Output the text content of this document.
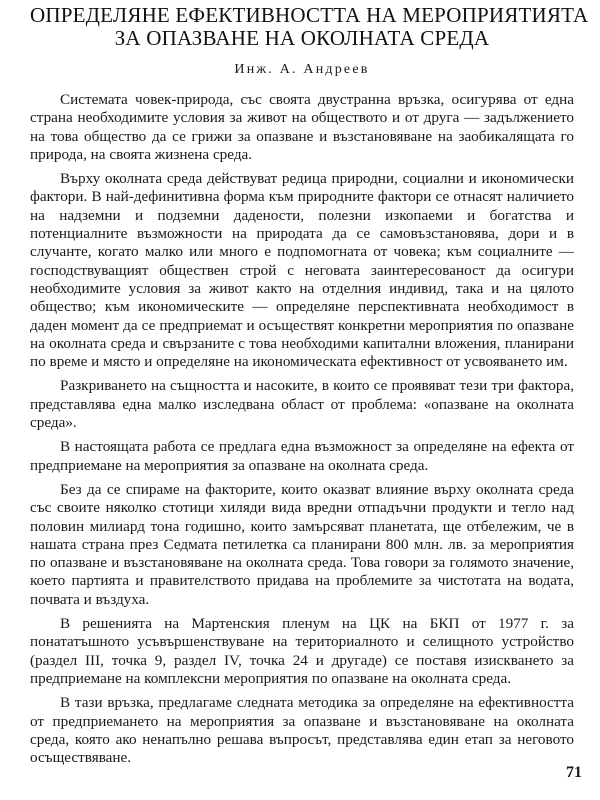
ОПРЕДЕЛЯНЕ ЕФЕКТИВНОСТТА НА МЕРОПРИЯТИЯТА
ЗА ОПАЗВАНЕ НА ОКОЛНАТА СРЕДА
Инж. А. Андреев

Системата човек-природа, със своята двустранна връзка, осигурява от една страна необходимите условия за живот на обществото и от друга — задължението на това общество да се грижи за опазване и възстановяване на заобикалящата го природа, на своята жизнена среда.

Върху околната среда действуват редица природни, социални и икономически фактори. В най-дефинитивна форма към природните фактори се отнасят наличието на надземни и подземни дадености, полезни изкопаеми и богатства и потенциалните възможности на природата да се самовъзстановява, дори и в случанте, когато малко или много е подпомогната от човека; към социалните — господствуващият обществен строй с неговата заинтересованост да осигури необходимите условия за живот както на отделния индивид, така и на цялото общество; към икономическите — определяне перспективната необходимост в даден момент да се предприемат и осъществят конкретни мероприятия по опазване на околната среда и свързаните с това необходими капитални вложения, планирани по време и място и определяне на икономическата ефективност от усвояването им.

Разкриването на същността и насоките, в които се проявяват тези три фактора, представлява една малко изследвана област от проблема: «опазване на околната среда».

В настоящата работа се предлага една възможност за определяне на ефекта от предприемане на мероприятия за опазване на околната среда.

Без да се спираме на факторите, които оказват влияние върху околната среда със своите няколко стотици хиляди вида вредни отпадъчни продукти и тегло над половин милиард тона годишно, които замърсяват планетата, ще отбележим, че в нашата страна през Седмата петилетка са планирани 800 млн. лв. за мероприятия по опазване и възстановяване на околната среда. Това говори за голямото значение, което партията и правителството придава на проблемите за чистотата на водата, почвата и въздуха.

В решенията на Мартенския пленум на ЦК на БКП от 1977 г. за понататъшното усъвършенствуване на териториалното и селищното устройство (раздел III, точка 9, раздел IV, точка 24 и другаде) се поставя изискването за предприемане на комплексни мероприятия по опазване на околната среда.

В тази връзка, предлагаме следната методика за определяне на ефективността от предприемането на мероприятия за опазване и възстановяване на околната среда, която ако ненапълно решава въпросът, представлява един етап за неговото осъществяване.

71
